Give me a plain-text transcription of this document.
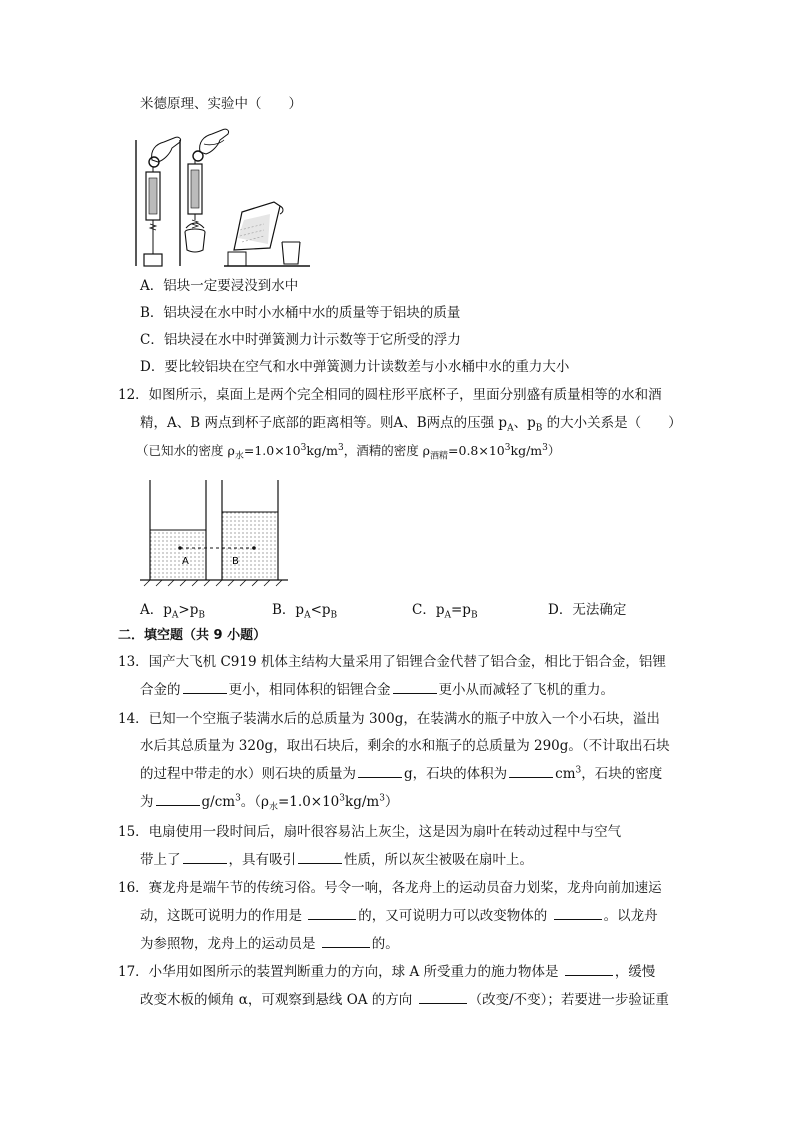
米德原理、实验中（　　）
A．铝块一定要浸没到水中
B．铝块浸在水中时小水桶中水的质量等于铝块的质量
C．铝块浸在水中时弹簧测力计示数等于它所受的浮力
D．要比较铝块在空气和水中弹簧测力计读数差与小水桶中水的重力大小
12．如图所示，桌面上是两个完全相同的圆柱形平底杯子，里面分别盛有质量相等的水和酒
精，A、B 两点到杯子底部的距离相等。则A、B两点的压强 $p_A$、$p_B$ 的大小关系是（　　）
（已知水的密度 $\rho_水=1.0\times 10^3kg/m^3$，酒精的密度 $\rho_{酒精}=0.8\times 10^3kg/m^3$）
A	B
A．$p_A>p_B$	B．$p_A<p_B$	C．$p_A=p_B$	D．无法确定
二．填空题（共 9 小题）
13．国产大飞机 C919 机体主结构大量采用了铝锂合金代替了铝合金，相比于铝合金，铝锂
合金的	更小，相同体积的铝锂合金	更小从而减轻了飞机的重力。
14．已知一个空瓶子装满水后的总质量为 300g，在装满水的瓶子中放入一个小石块，溢出
水后其总质量为 320g，取出石块后，剩余的水和瓶子的总质量为 290g。（不计取出石块
的过程中带走的水）则石块的质量为	g，石块的体积为	$cm^3$，石块的密度
为	$g/cm^3$。$(\rho_水=1.0\times 10^3kg/m^3)$
15．电扇使用一段时间后，扇叶很容易沾上灰尘，这是因为扇叶在转动过程中与空气
带上了	，具有吸引	性质，所以灰尘被吸在扇叶上。
16．赛龙舟是端午节的传统习俗。号令一响，各龙舟上的运动员奋力划桨，龙舟向前加速运
动，这既可说明力的作用是	的，又可说明力可以改变物体的	。以龙舟
为参照物，龙舟上的运动员是	的。
17．小华用如图所示的装置判断重力的方向，球 A 所受重力的施力物体是	，缓慢
改变木板的倾角 α，可观察到悬线 OA 的方向	（改变/不变）；若要进一步验证重
